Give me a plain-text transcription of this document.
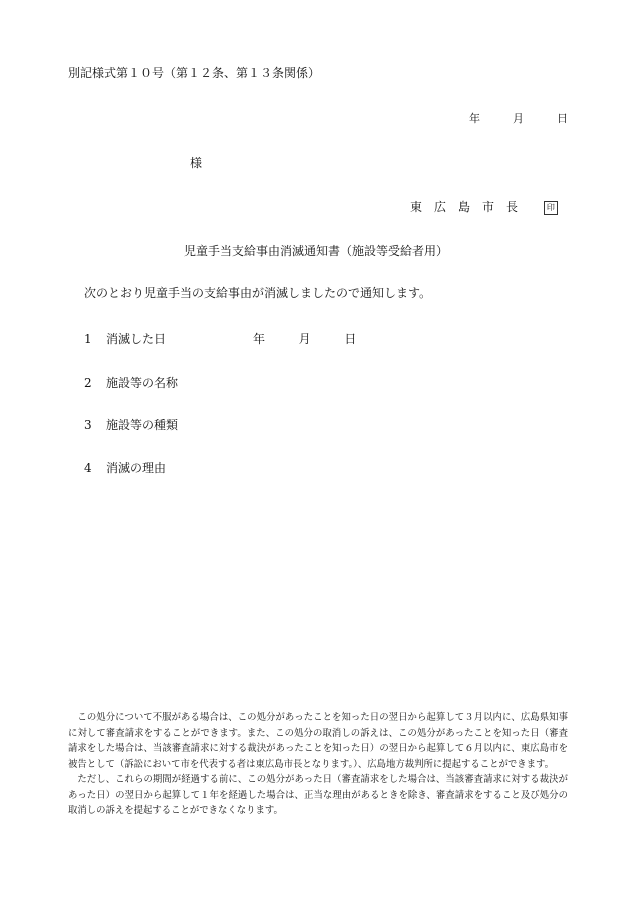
別記様式第１０号（第１２条、第１３条関係）
年	月	日
様
東広島市長 印
児童手当支給事由消滅通知書（施設等受給者用）
次のとおり児童手当の支給事由が消滅しましたので通知します。
1 消滅した日	年	月	日
2 施設等の名称
3 施設等の種類
4 消滅の理由

この処分について不服がある場合は、この処分があったことを知った日の翌日から起算して３月以内に、広島県知事に対して審査請求をすることができます。また、この処分の取消しの訴えは、この処分があったことを知った日（審査請求をした場合は、当該審査請求に対する裁決があったことを知った日）の翌日から起算して６月以内に、東広島市を被告として（訴訟において市を代表する者は東広島市長となります。）、広島地方裁判所に提起することができます。

ただし、これらの期間が経過する前に、この処分があった日（審査請求をした場合は、当該審査請求に対する裁決があった日）の翌日から起算して１年を経過した場合は、正当な理由があるときを除き、審査請求をすること及び処分の取消しの訴えを提起することができなくなります。
